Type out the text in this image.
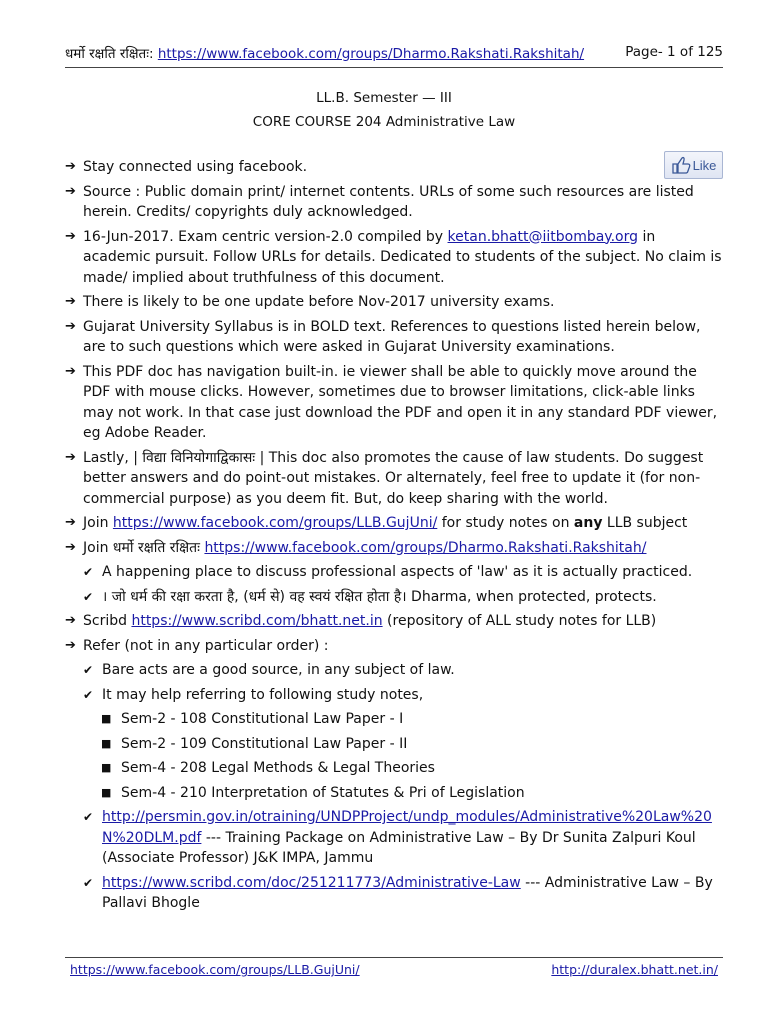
धर्मो रक्षति रक्षितः: https://www.facebook.com/groups/Dharmo.Rakshati.Rakshitah/	Page- 1 of 125
LL.B. Semester — III
CORE COURSE 204 Administrative Law
Like
➔ Stay connected using facebook.
➔ Source : Public domain print/ internet contents. URLs of some such resources are listed herein. Credits/ copyrights duly acknowledged.
➔ 16-Jun-2017. Exam centric version-2.0 compiled by ketan.bhatt@iitbombay.org in academic pursuit. Follow URLs for details. Dedicated to students of the subject. No claim is made/ implied about truthfulness of this document.
➔ There is likely to be one update before Nov-2017 university exams.
➔ Gujarat University Syllabus is in BOLD text. References to questions listed herein below, are to such questions which were asked in Gujarat University examinations.
➔ This PDF doc has navigation built-in. ie viewer shall be able to quickly move around the PDF with mouse clicks. However, sometimes due to browser limitations, click-able links may not work. In that case just download the PDF and open it in any standard PDF viewer, eg Adobe Reader.
➔ Lastly, | विद्या विनियोगाद्विकासः | This doc also promotes the cause of law students. Do suggest better answers and do point-out mistakes. Or alternately, feel free to update it (for non-commercial purpose) as you deem fit. But, do keep sharing with the world.
➔ Join https://www.facebook.com/groups/LLB.GujUni/ for study notes on any LLB subject
➔ Join धर्मो रक्षति रक्षितः https://www.facebook.com/groups/Dharmo.Rakshati.Rakshitah/
✔ A happening place to discuss professional aspects of 'law' as it is actually practiced.
✔ । जो धर्म की रक्षा करता है, (धर्म से) वह स्वयं रक्षित होता है। Dharma, when protected, protects.
➔ Scribd https://www.scribd.com/bhatt.net.in (repository of ALL study notes for LLB)
➔ Refer (not in any particular order) :
✔ Bare acts are a good source, in any subject of law.
✔ It may help referring to following study notes,
■ Sem-2 - 108 Constitutional Law Paper - I
■ Sem-2 - 109 Constitutional Law Paper - II
■ Sem-4 - 208 Legal Methods & Legal Theories
■ Sem-4 - 210 Interpretation of Statutes & Pri of Legislation
✔ http://persmin.gov.in/otraining/UNDPProject/undp_modules/Administrative%20Law%20N%20DLM.pdf --- Training Package on Administrative Law – By Dr Sunita Zalpuri Koul (Associate Professor) J&K IMPA, Jammu
✔ https://www.scribd.com/doc/251211773/Administrative-Law --- Administrative Law – By Pallavi Bhogle
https://www.facebook.com/groups/LLB.GujUni/	http://duralex.bhatt.net.in/
